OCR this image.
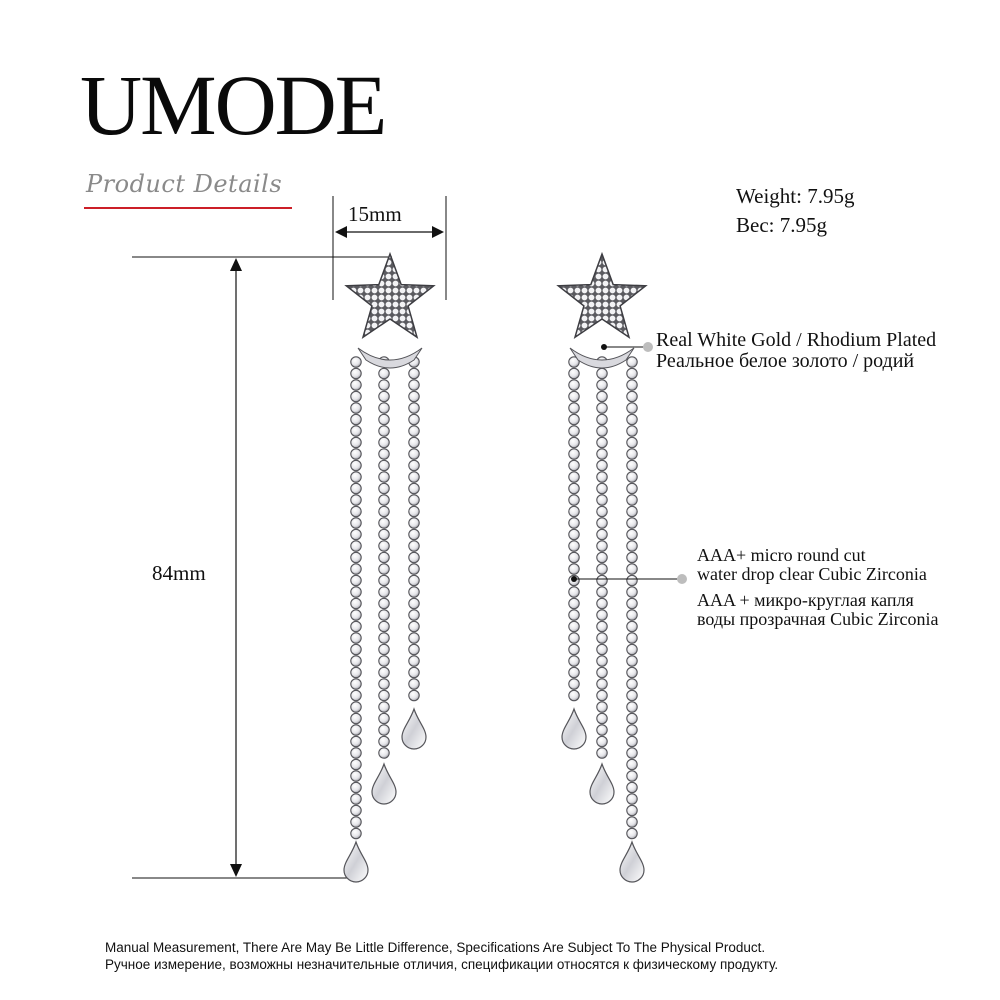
UMODE
Product Details	Weight: 7.95g
Bec: 7.95g
15mm
84mm
Real White Gold / Rhodium Plated
Реальное белое золото / родий
AAA+ micro round cut
water drop clear Cubic Zirconia
AAA + микро-круглая капля
воды прозрачная Cubic Zirconia
Manual Measurement, There Are May Be Little Difference, Specifications Are Subject To The Physical Product.
Ручное измерение, возможны незначительные отличия, спецификации относятся к физическому продукту.
